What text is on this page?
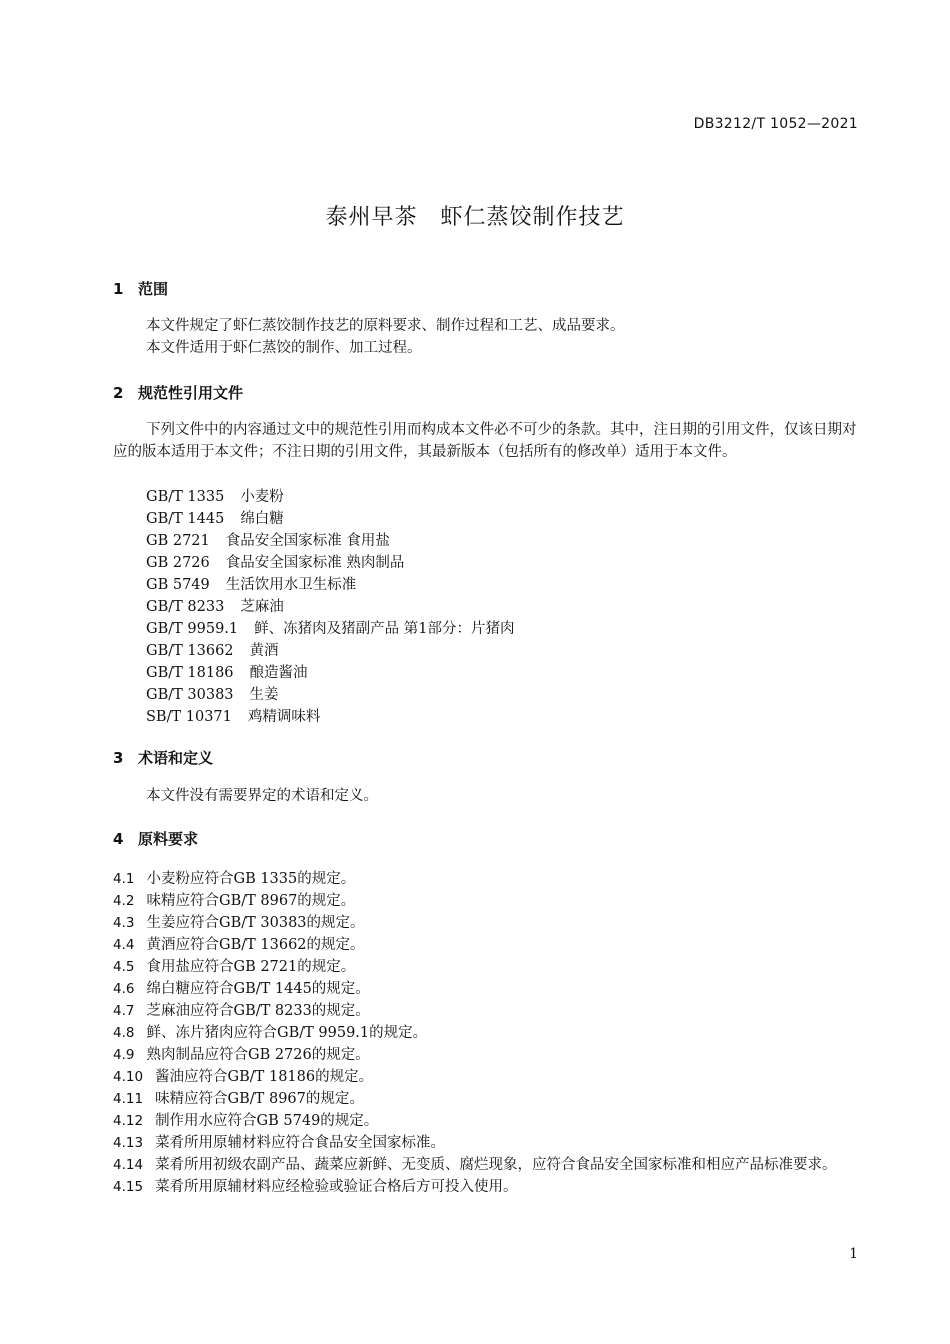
DB3212/T 1052—2021
泰州早茶　虾仁蒸饺制作技艺
1 范围

本文件规定了虾仁蒸饺制作技艺的原料要求、制作过程和工艺、成品要求。

本文件适用于虾仁蒸饺的制作、加工过程。

2 规范性引用文件

下列文件中的内容通过文中的规范性引用而构成本文件必不可少的条款。其中，注日期的引用文件，仅该日期对应的版本适用于本文件；不注日期的引用文件，其最新版本（包括所有的修改单）适用于本文件。

GB/T 1335 小麦粉
GB/T 1445 绵白糖
GB 2721 食品安全国家标准 食用盐
GB 2726 食品安全国家标准 熟肉制品
GB 5749 生活饮用水卫生标准
GB/T 8233 芝麻油
GB/T 9959.1 鲜、冻猪肉及猪副产品 第1部分：片猪肉
GB/T 13662 黄酒
GB/T 18186 酿造酱油
GB/T 30383 生姜
SB/T 10371 鸡精调味料
3 术语和定义

本文件没有需要界定的术语和定义。

4 原料要求
4.1 小麦粉应符合GB 1335的规定。
4.2 味精应符合GB/T 8967的规定。
4.3 生姜应符合GB/T 30383的规定。
4.4 黄酒应符合GB/T 13662的规定。
4.5 食用盐应符合GB 2721的规定。
4.6 绵白糖应符合GB/T 1445的规定。
4.7 芝麻油应符合GB/T 8233的规定。
4.8 鲜、冻片猪肉应符合GB/T 9959.1的规定。
4.9 熟肉制品应符合GB 2726的规定。
4.10 酱油应符合GB/T 18186的规定。
4.11 味精应符合GB/T 8967的规定。
4.12 制作用水应符合GB 5749的规定。
4.13 菜肴所用原辅材料应符合食品安全国家标准。
4.14 菜肴所用初级农副产品、蔬菜应新鲜、无变质、腐烂现象，应符合食品安全国家标准和相应产品标准要求。
4.15 菜肴所用原辅材料应经检验或验证合格后方可投入使用。
1
